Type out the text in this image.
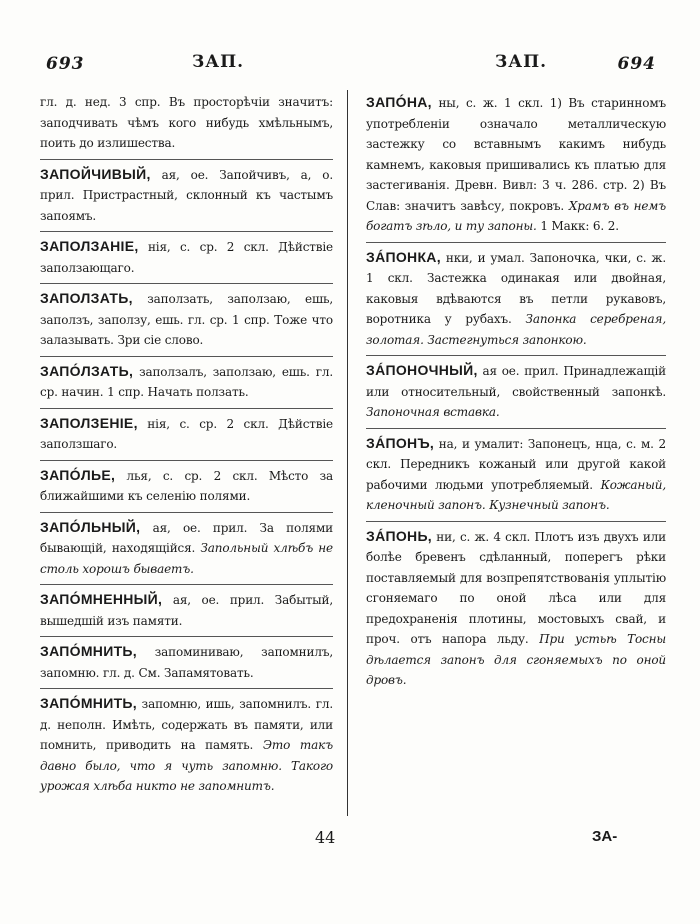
693	ЗАП.	ЗАП.	694

гл. д. нед. 3 спр. Въ просторѣчіи значитъ: заподчивать чѣмъ кого нибудь хмѣльнымъ, поить до излишества.

ЗАПОЙЧИВЫЙ, ая, ое. Запойчивъ, а, о. прил. Пристрастный, склонный къ частымъ запоямъ.

ЗАПОЛЗАНІЕ, нія, с. ср. 2 скл. Дѣйствіе заползающаго.

ЗАПОЛЗАТЬ, заползать, заползаю, ешь, заползъ, заползу, ешь. гл. ср. 1 спр. Тоже что залазывать. Зри сіе слово.

ЗАПÓЛЗАТЬ, заползалъ, заползаю, ешь. гл. ср. начин. 1 спр. Начать ползать.

ЗАПОЛЗЕНІЕ, нія, с. ср. 2 скл. Дѣйствіе заползшаго.

ЗАПÓЛЬЕ, лья, с. ср. 2 скл. Мѣсто за ближайшими къ селенію полями.

ЗАПÓЛЬНЫЙ, ая, ое. прил. За полями бывающій, находящійся. Запольный хлѣбъ не столь хорошъ бываетъ.

ЗАПÓМНЕННЫЙ, ая, ое. прил. Забытый, вышедшій изъ памяти.

ЗАПÓМНИТЬ, запоминиваю, запомнилъ, запомню. гл. д. См. Запамятовать.

ЗАПÓМНИТЬ, запомню, ишь, запомнилъ. гл. д. неполн. Имѣть, содержать въ памяти, или помнить, приводить на память. Это такъ давно было, что я чуть запомню. Такого урожая хлѣба никто не запомнитъ.

ЗАПÓНА, ны, с. ж. 1 скл. 1) Въ старинномъ употребленіи означало металлическую застежку со вставнымъ какимъ нибудь камнемъ, каковыя пришивались къ платью для застегиванія. Древн. Вивл: 3 ч. 286. стр. 2) Въ Слав: значитъ завѣсу, покровъ. Храмъ въ немъ богатъ зѣло, и ту запоны. 1 Макк: 6. 2.

ЗÁПОНКА, нки, и умал. Запоночка, чки, с. ж. 1 скл. Застежка одинакая или двойная, каковыя вдѣваются въ петли рукавовъ, воротника у рубахъ. Запонка серебреная, золотая. Застегнуться запонкою.

ЗÁПОНОЧНЫЙ, ая ое. прил. Принадлежащій или относительный, свойственный запонкѣ. Запоночная вставка.

ЗÁПОНЪ, на, и умалит: Запонецъ, нца, с. м. 2 скл. Передникъ кожаный или другой какой рабочими людьми употребляемый. Кожаный, кленочный запонъ. Кузнечный запонъ.

ЗÁПОНЬ, ни, с. ж. 4 скл. Плотъ изъ двухъ или болѣе бревенъ сдѣланный, поперегъ рѣки поставляемый для возпрепятствованія уплытію сгоняемаго по оной лѣса или для предохраненія плотины, мостовыхъ свай, и проч. отъ напора льду. При устьѣ Тосны дѣлается запонъ для сгоняемыхъ по оной дровъ.

44	ЗА-
